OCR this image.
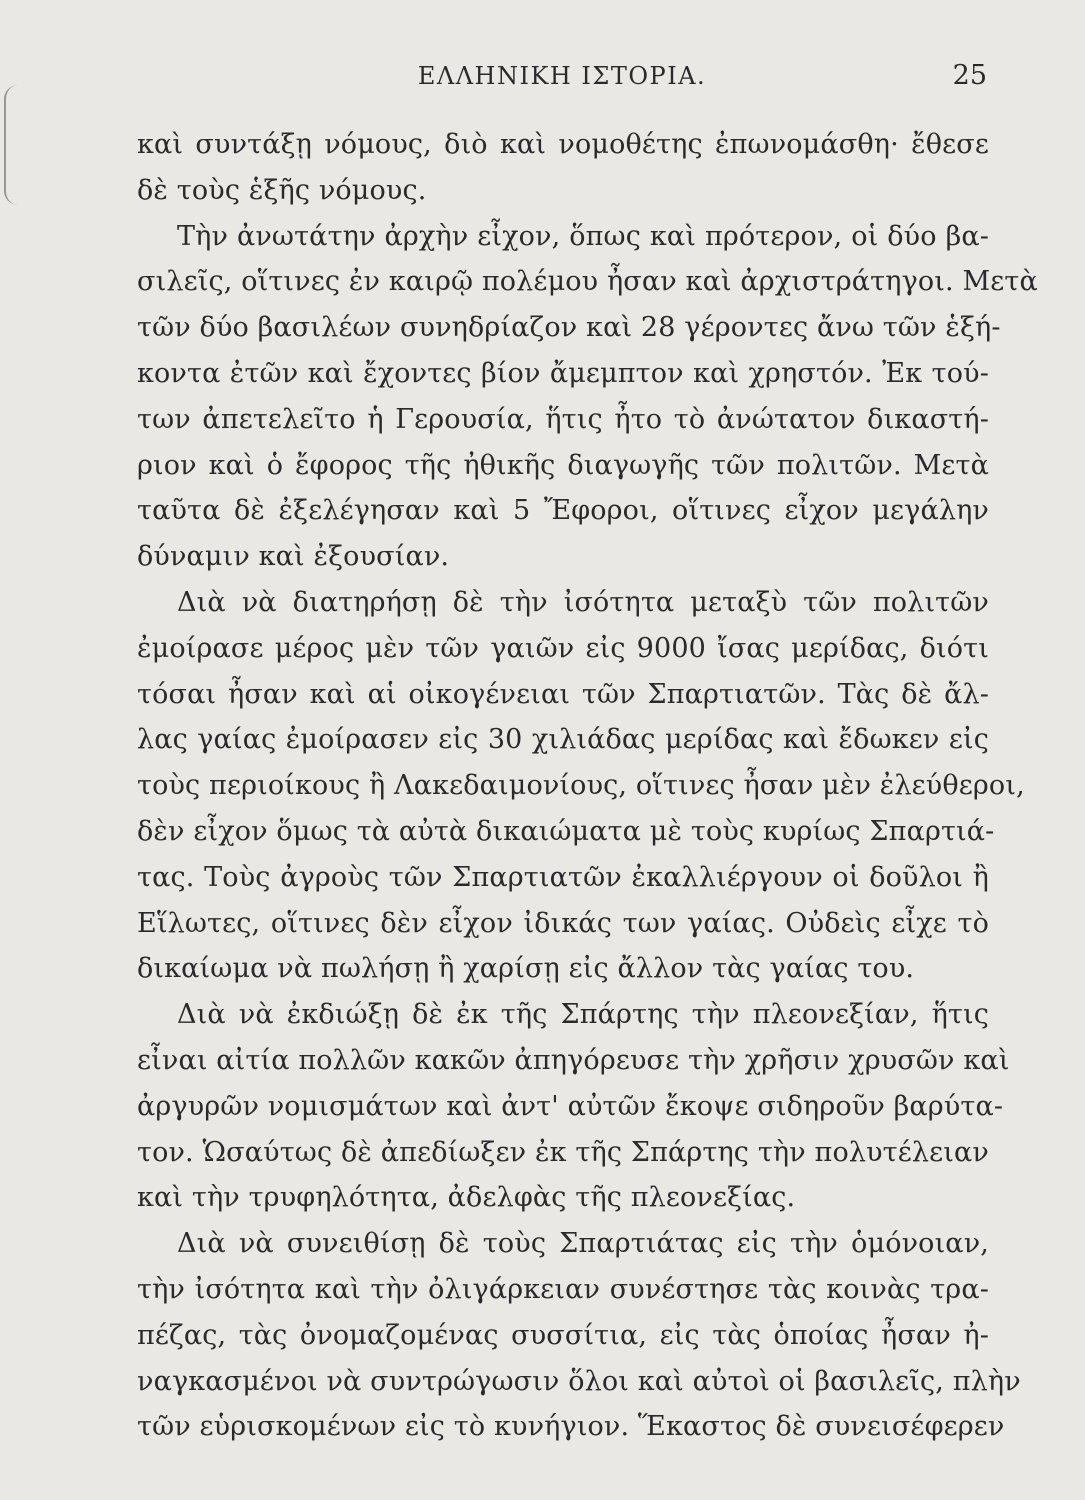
ΕΛΛΗΝΙΚΗ ΙΣΤΟΡΙΑ.	25
καὶ συντάξῃ νόμους, διὸ καὶ νομοθέτης ἐπωνομάσθη· ἔθεσε
δὲ τοὺς ἑξῆς νόμους.
Τὴν ἀνωτάτην ἀρχὴν εἶχον, ὅπως καὶ πρότερον, οἱ δύο βα-
σιλεῖς, οἵτινες ἐν καιρῷ πολέμου ἦσαν καὶ ἀρχιστράτηγοι. Μετὰ
τῶν δύο βασιλέων συνηδρίαζον καὶ 28 γέροντες ἄνω τῶν ἑξή-
κοντα ἐτῶν καὶ ἔχοντες βίον ἄμεμπτον καὶ χρηστόν. Ἐκ τού-
των ἀπετελεῖτο ἡ Γερουσία, ἥτις ἦτο τὸ ἀνώτατον δικαστή-
ριον καὶ ὁ ἔφορος τῆς ἠθικῆς διαγωγῆς τῶν πολιτῶν. Μετὰ
ταῦτα δὲ ἐξελέγησαν καὶ 5 Ἔφοροι, οἵτινες εἶχον μεγάλην
δύναμιν καὶ ἐξουσίαν.
Διὰ νὰ διατηρήσῃ δὲ τὴν ἰσότητα μεταξὺ τῶν πολιτῶν
ἐμοίρασε μέρος μὲν τῶν γαιῶν εἰς 9000 ἴσας μερίδας, διότι
τόσαι ἦσαν καὶ αἱ οἰκογένειαι τῶν Σπαρτιατῶν. Τὰς δὲ ἄλ-
λας γαίας ἐμοίρασεν εἰς 30 χιλιάδας μερίδας καὶ ἔδωκεν εἰς
τοὺς περιοίκους ἢ Λακεδαιμονίους, οἵτινες ἦσαν μὲν ἐλεύθεροι,
δὲν εἶχον ὅμως τὰ αὐτὰ δικαιώματα μὲ τοὺς κυρίως Σπαρτιά-
τας. Τοὺς ἀγροὺς τῶν Σπαρτιατῶν ἐκαλλιέργουν οἱ δοῦλοι ἢ
Εἵλωτες, οἵτινες δὲν εἶχον ἰδικάς των γαίας. Οὐδεὶς εἶχε τὸ
δικαίωμα νὰ πωλήσῃ ἢ χαρίσῃ εἰς ἄλλον τὰς γαίας του.
Διὰ νὰ ἐκδιώξῃ δὲ ἐκ τῆς Σπάρτης τὴν πλεονεξίαν, ἥτις
εἶναι αἰτία πολλῶν κακῶν ἀπηγόρευσε τὴν χρῆσιν χρυσῶν καὶ
ἀργυρῶν νομισμάτων καὶ ἀντ' αὐτῶν ἔκοψε σιδηροῦν βαρύτα-
τον. Ὡσαύτως δὲ ἀπεδίωξεν ἐκ τῆς Σπάρτης τὴν πολυτέλειαν
καὶ τὴν τρυφηλότητα, ἀδελφὰς τῆς πλεονεξίας.
Διὰ νὰ συνειθίσῃ δὲ τοὺς Σπαρτιάτας εἰς τὴν ὁμόνοιαν,
τὴν ἰσότητα καὶ τὴν ὀλιγάρκειαν συνέστησε τὰς κοινὰς τρα-
πέζας, τὰς ὀνομαζομένας συσσίτια, εἰς τὰς ὁποίας ἦσαν ἠ-
ναγκασμένοι νὰ συντρώγωσιν ὅλοι καὶ αὐτοὶ οἱ βασιλεῖς, πλὴν
τῶν εὑρισκομένων εἰς τὸ κυνήγιον. Ἕκαστος δὲ συνεισέφερεν
